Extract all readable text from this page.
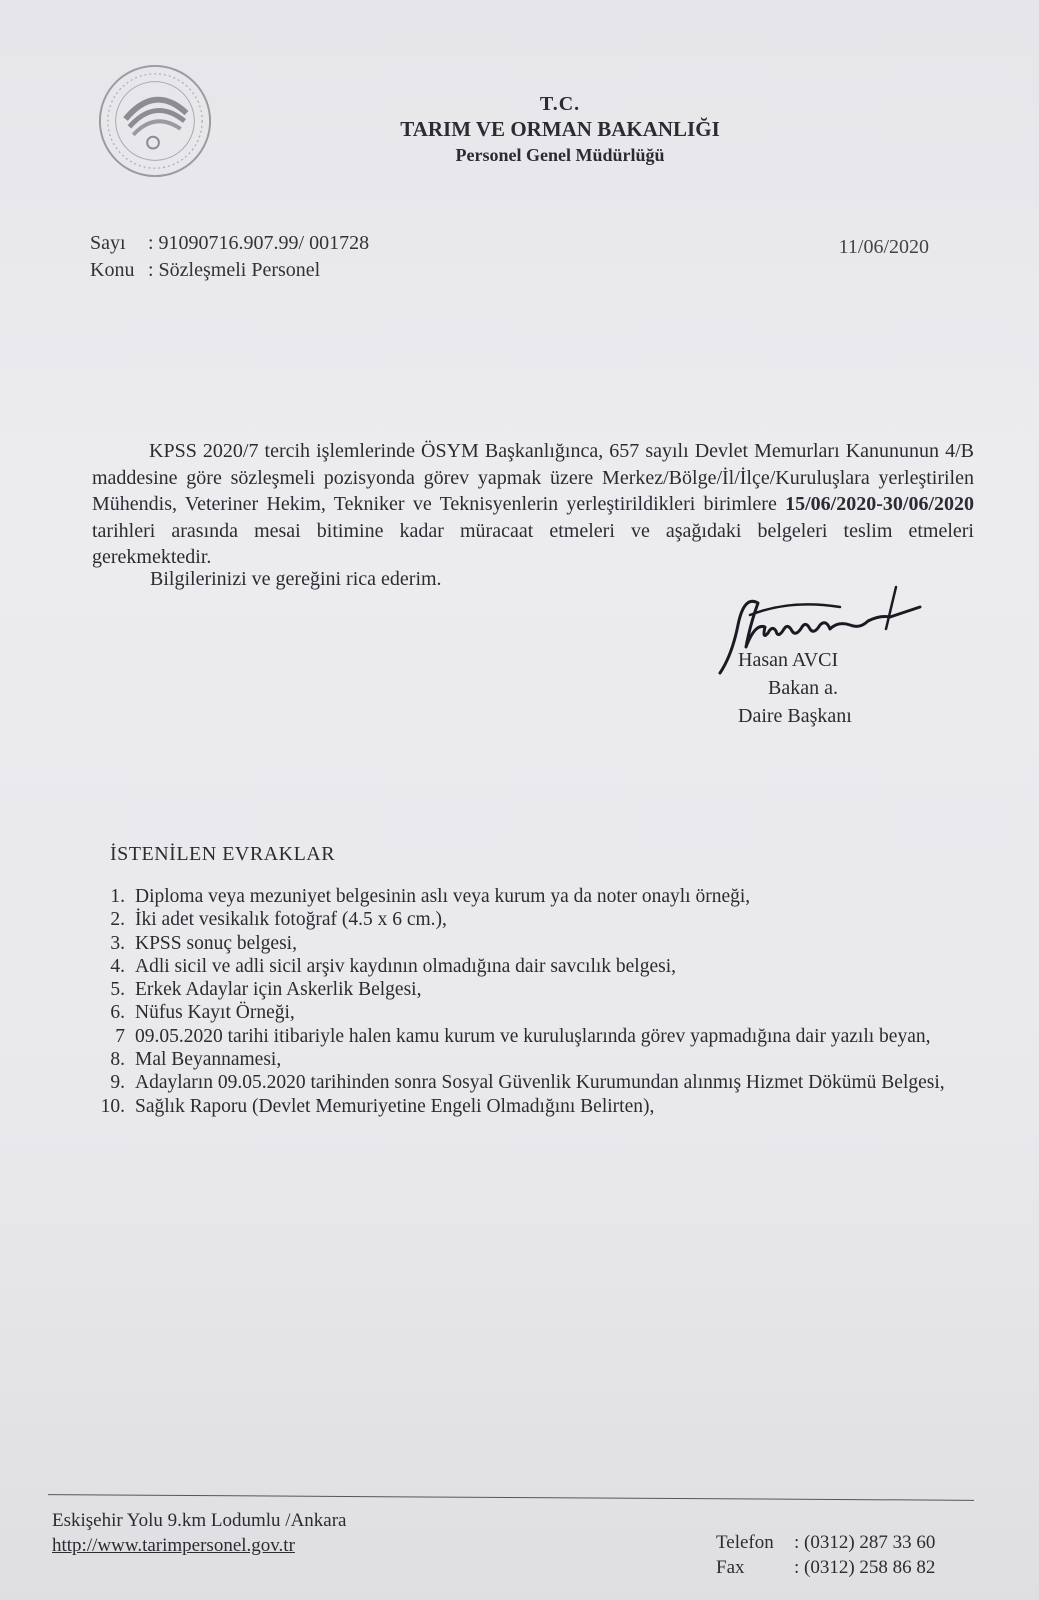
T.C.
TARIM VE ORMAN BAKANLIĞI
Personel Genel Müdürlüğü
Sayı : 91090716.907.99/ 001728
Konu : Sözleşmeli Personel
11/06/2020
KPSS 2020/7 tercih işlemlerinde ÖSYM Başkanlığınca, 657 sayılı Devlet Memurları Kanununun 4/B maddesine göre sözleşmeli pozisyonda görev yapmak üzere Merkez/Bölge/İl/İlçe/Kuruluşlara yerleştirilen Mühendis, Veteriner Hekim, Tekniker ve Teknisyenlerin yerleştirildikleri birimlere 15/06/2020-30/06/2020 tarihleri arasında mesai bitimine kadar müracaat etmeleri ve aşağıdaki belgeleri teslim etmeleri gerekmektedir.
Bilgilerinizi ve gereğini rica ederim.
Hasan AVCI
Bakan a.
Daire Başkanı
İSTENİLEN EVRAKLAR
1. Diploma veya mezuniyet belgesinin aslı veya kurum ya da noter onaylı örneği,
2. İki adet vesikalık fotoğraf (4.5 x 6 cm.),
3. KPSS sonuç belgesi,
4. Adli sicil ve adli sicil arşiv kaydının olmadığına dair savcılık belgesi,
5. Erkek Adaylar için Askerlik Belgesi,
6. Nüfus Kayıt Örneği,
7 09.05.2020 tarihi itibariyle halen kamu kurum ve kuruluşlarında görev yapmadığına dair yazılı beyan,
8. Mal Beyannamesi,
9. Adayların 09.05.2020 tarihinden sonra Sosyal Güvenlik Kurumundan alınmış Hizmet Dökümü Belgesi,
10. Sağlık Raporu (Devlet Memuriyetine Engeli Olmadığını Belirten),
Eskişehir Yolu 9.km Lodumlu /Ankara
http://www.tarimpersonel.gov.tr	Telefon : (0312) 287 33 60
Fax	: (0312) 258 86 82
